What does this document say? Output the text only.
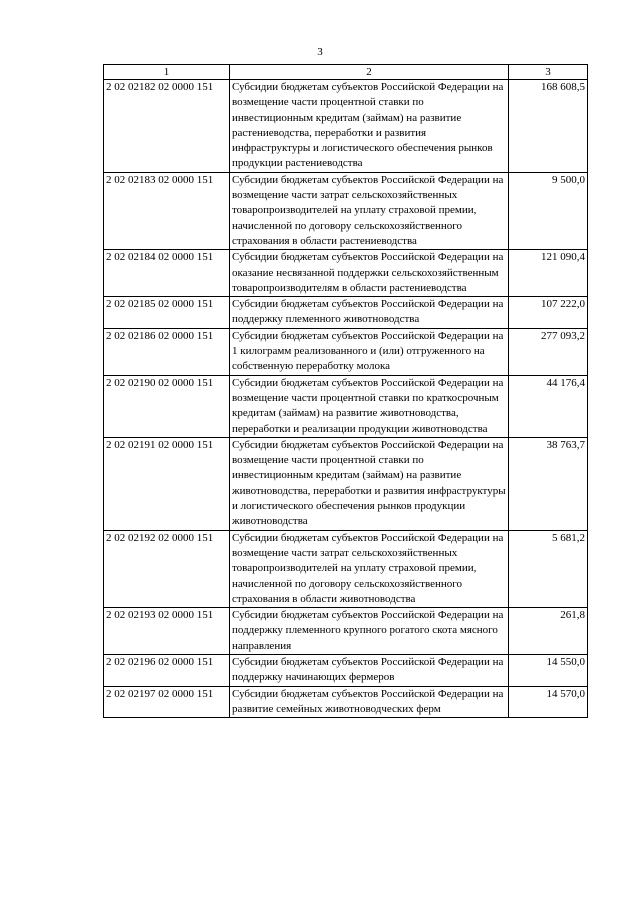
3
1	2	3
2 02 02182 02 0000 151	Субсидии бюджетам субъектов Российской Федерации на возмещение части процентной ставки по инвестиционным кредитам (займам) на развитие растениеводства, переработки и развития инфраструктуры и логистического обеспечения рынков продукции растениеводства	168 608,5
2 02 02183 02 0000 151	Субсидии бюджетам субъектов Российской Федерации на возмещение части затрат сельскохозяйственных товаропроизводителей на уплату страховой премии, начисленной по договору сельскохозяйственного страхования в области растениеводства	9 500,0
2 02 02184 02 0000 151	Субсидии бюджетам субъектов Российской Федерации на оказание несвязанной поддержки сельскохозяйственным товаропроизводителям в области растениеводства	121 090,4
2 02 02185 02 0000 151	Субсидии бюджетам субъектов Российской Федерации на поддержку племенного животноводства	107 222,0
2 02 02186 02 0000 151	Субсидии бюджетам субъектов Российской Федерации на 1 килограмм реализованного и (или) отгруженного на собственную переработку молока	277 093,2
2 02 02190 02 0000 151	Субсидии бюджетам субъектов Российской Федерации на возмещение части процентной ставки по краткосрочным кредитам (займам) на развитие животноводства, переработки и реализации продукции животноводства	44 176,4
2 02 02191 02 0000 151	Субсидии бюджетам субъектов Российской Федерации на возмещение части процентной ставки по инвестиционным кредитам (займам) на развитие животноводства, переработки и развития инфраструктуры и логистического обеспечения рынков продукции животноводства	38 763,7
2 02 02192 02 0000 151	Субсидии бюджетам субъектов Российской Федерации на возмещение части затрат сельскохозяйственных товаропроизводителей на уплату страховой премии, начисленной по договору сельскохозяйственного страхования в области животноводства	5 681,2
2 02 02193 02 0000 151	Субсидии бюджетам субъектов Российской Федерации на поддержку племенного крупного рогатого скота мясного направления	261,8
2 02 02196 02 0000 151	Субсидии бюджетам субъектов Российской Федерации на поддержку начинающих фермеров	14 550,0
2 02 02197 02 0000 151	Субсидии бюджетам субъектов Российской Федерации на развитие семейных животноводческих ферм	14 570,0
